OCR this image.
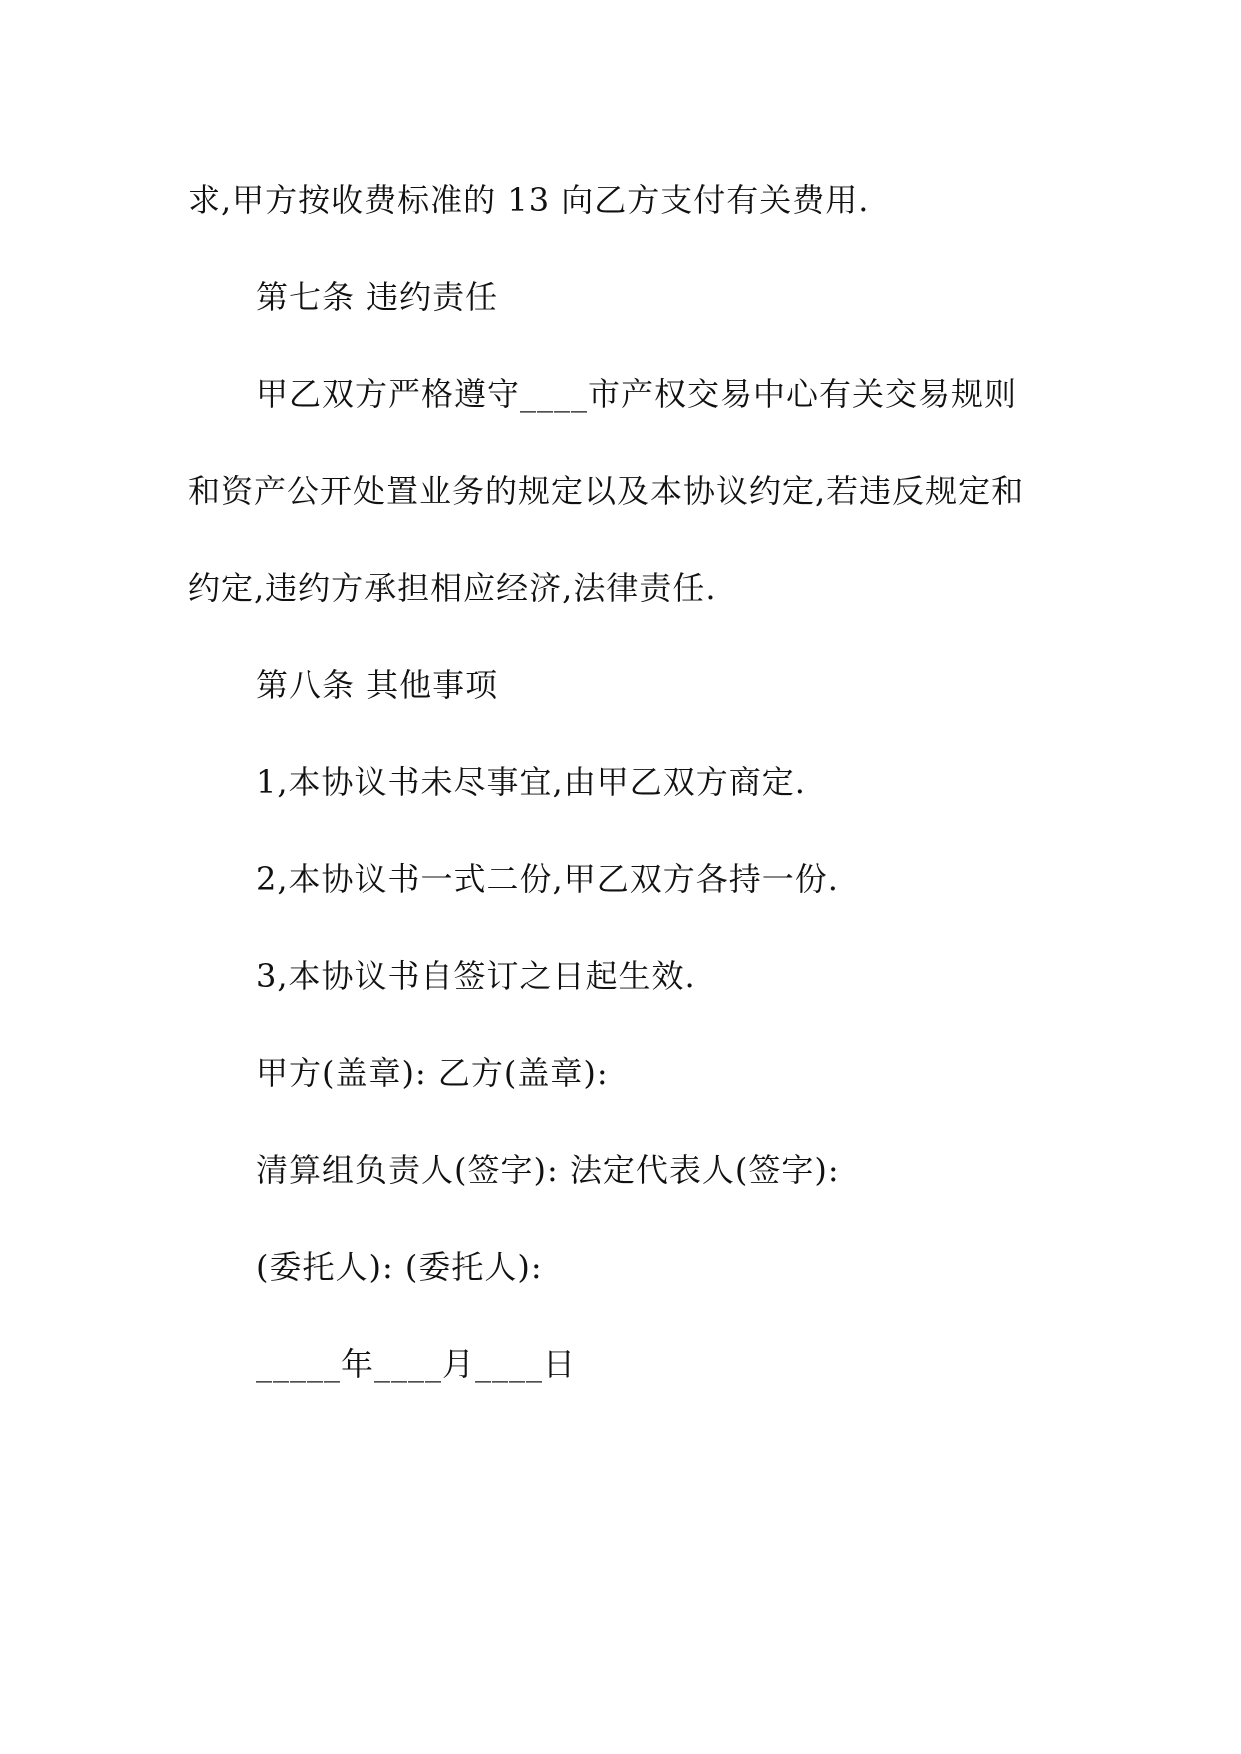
求,甲方按收费标准的 13 向乙方支付有关费用.
第七条 违约责任
甲乙双方严格遵守____市产权交易中心有关交易规则
和资产公开处置业务的规定以及本协议约定,若违反规定和
约定,违约方承担相应经济,法律责任.
第八条 其他事项
1,本协议书未尽事宜,由甲乙双方商定.
2,本协议书一式二份,甲乙双方各持一份.
3,本协议书自签订之日起生效.
甲方(盖章): 乙方(盖章):
清算组负责人(签字): 法定代表人(签字):
(委托人): (委托人):
_____年____月____日
